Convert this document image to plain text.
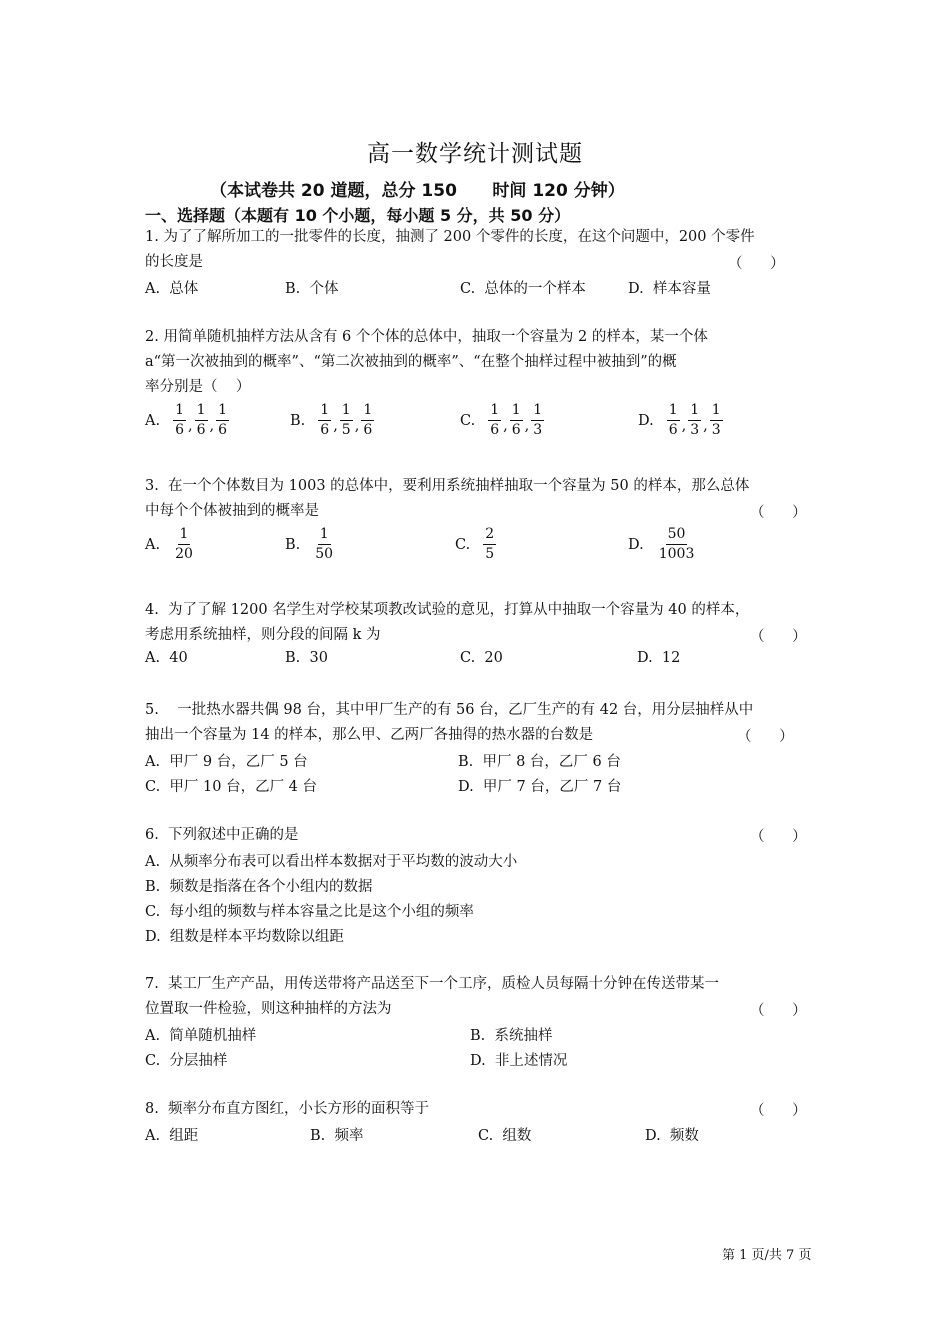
高一数学统计测试题
（本试卷共 20 道题，总分 150      时间 120 分钟）
一、选择题（本题有 10 个小题，每小题 5 分，共 50 分）
1. 为了了解所加工的一批零件的长度，抽测了 200 个零件的长度，在这个问题中，200 个零件
的长度是	（      ）
A.  总体	B.  个体	C.  总体的一个样本	D.  样本容量
2. 用简单随机抽样方法从含有 6 个个体的总体中，抽取一个容量为 2 的样本，某一个体
a“第一次被抽到的概率”、“第二次被抽到的概率”、“在整个抽样过程中被抽到”的概
率分别是（    ）
A. $\frac{1}{6}$ , $\frac{1}{6}$ , $\frac{1}{6}$	B. $\frac{1}{6}$ , $\frac{1}{5}$ , $\frac{1}{6}$	C. $\frac{1}{6}$ , $\frac{1}{6}$ , $\frac{1}{3}$	D. $\frac{1}{6}$ , $\frac{1}{3}$ , $\frac{1}{3}$
3.  在一个个体数目为 1003 的总体中，要利用系统抽样抽取一个容量为 50 的样本，那么总体
中每个个体被抽到的概率是	（      ）
A. $\frac{1}{20}$	B. $\frac{1}{50}$	C. $\frac{2}{5}$	D. $\frac{50}{1003}$
4.  为了了解 1200 名学生对学校某项教改试验的意见，打算从中抽取一个容量为 40 的样本，
考虑用系统抽样，则分段的间隔 k 为	（      ）
A.  40	B.  30	C.  20	D.  12
5.    一批热水器共偶 98 台，其中甲厂生产的有 56 台，乙厂生产的有 42 台，用分层抽样从中
抽出一个容量为 14 的样本，那么甲、乙两厂各抽得的热水器的台数是	（      ）
A.  甲厂 9 台，乙厂 5 台	B.  甲厂 8 台，乙厂 6 台
C.  甲厂 10 台，乙厂 4 台	D.  甲厂 7 台，乙厂 7 台
6.  下列叙述中正确的是	（      ）
A.  从频率分布表可以看出样本数据对于平均数的波动大小
B.  频数是指落在各个小组内的数据
C.  每小组的频数与样本容量之比是这个小组的频率
D.  组数是样本平均数除以组距
7.  某工厂生产产品，用传送带将产品送至下一个工序，质检人员每隔十分钟在传送带某一
位置取一件检验，则这种抽样的方法为	（      ）
A.  简单随机抽样	B.  系统抽样
C.  分层抽样	D.  非上述情况
8.  频率分布直方图红，小长方形的面积等于	（      ）
A.  组距	B.  频率	C.  组数	D.  频数
第 1 页/共 7 页
